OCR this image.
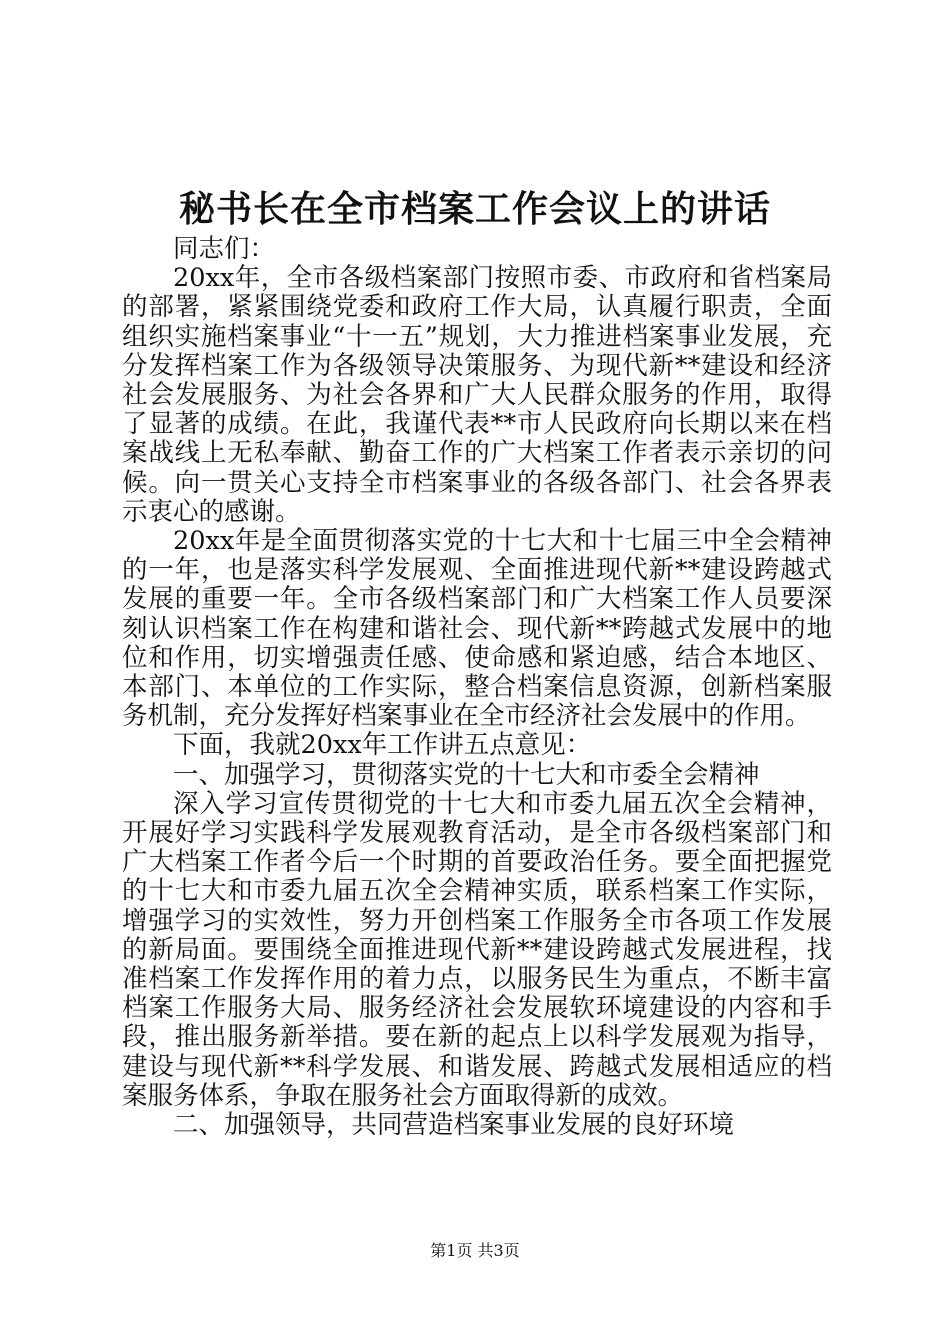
秘书长在全市档案工作会议上的讲话

同志们：

20xx年，全市各级档案部门按照市委、市政府和省档案局的部署，紧紧围绕党委和政府工作大局，认真履行职责，全面组织实施档案事业“十一五”规划，大力推进档案事业发展，充分发挥档案工作为各级领导决策服务、为现代新**建设和经济社会发展服务、为社会各界和广大人民群众服务的作用，取得了显著的成绩。在此，我谨代表**市人民政府向长期以来在档案战线上无私奉献、勤奋工作的广大档案工作者表示亲切的问候。向一贯关心支持全市档案事业的各级各部门、社会各界表示衷心的感谢。

20xx年是全面贯彻落实党的十七大和十七届三中全会精神的一年，也是落实科学发展观、全面推进现代新**建设跨越式发展的重要一年。全市各级档案部门和广大档案工作人员要深刻认识档案工作在构建和谐社会、现代新**跨越式发展中的地位和作用，切实增强责任感、使命感和紧迫感，结合本地区、本部门、本单位的工作实际，整合档案信息资源，创新档案服务机制，充分发挥好档案事业在全市经济社会发展中的作用。

下面，我就20xx年工作讲五点意见：

一、加强学习，贯彻落实党的十七大和市委全会精神

深入学习宣传贯彻党的十七大和市委九届五次全会精神，开展好学习实践科学发展观教育活动，是全市各级档案部门和广大档案工作者今后一个时期的首要政治任务。要全面把握党的十七大和市委九届五次全会精神实质，联系档案工作实际，增强学习的实效性，努力开创档案工作服务全市各项工作发展的新局面。要围绕全面推进现代新**建设跨越式发展进程，找准档案工作发挥作用的着力点，以服务民生为重点，不断丰富档案工作服务大局、服务经济社会发展软环境建设的内容和手段，推出服务新举措。要在新的起点上以科学发展观为指导，建设与现代新**科学发展、和谐发展、跨越式发展相适应的档案服务体系，争取在服务社会方面取得新的成效。

二、加强领导，共同营造档案事业发展的良好环境

第1页 共3页
